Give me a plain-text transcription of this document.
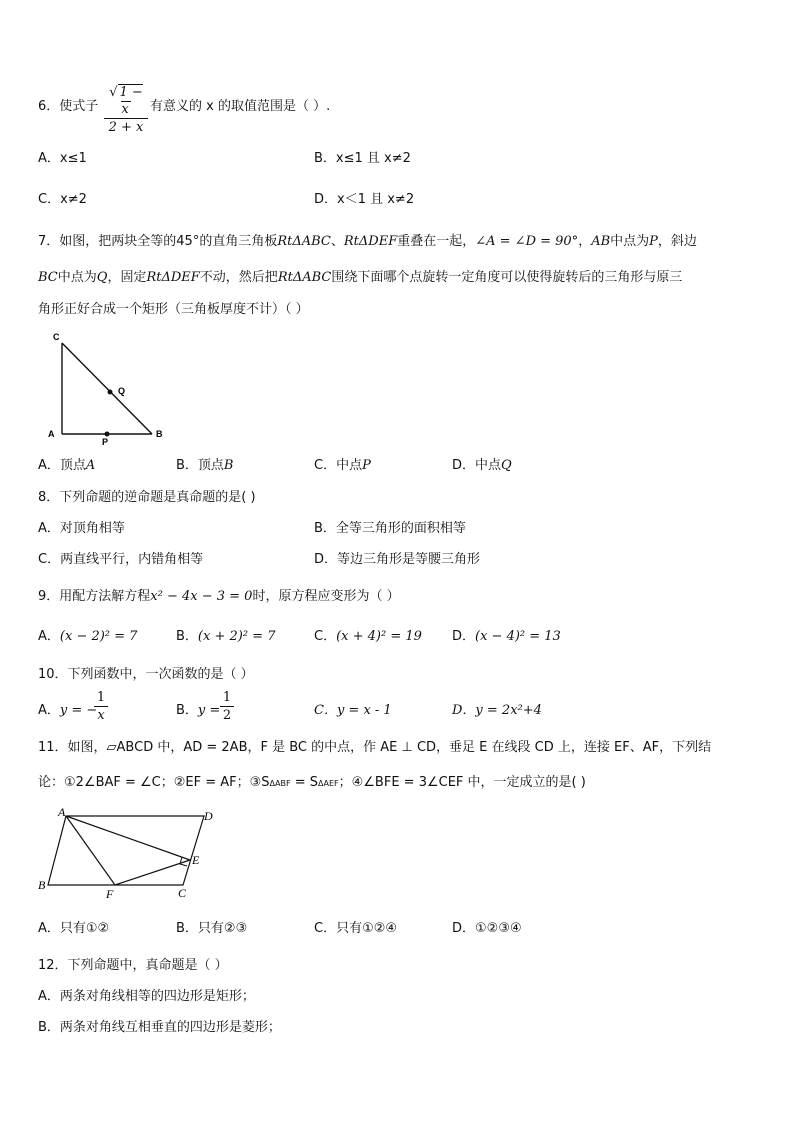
6．使式子
√ 1 − x
2 + x
有意义的 x 的取值范围是（ ）.
A．x≤1	B．x≤1 且 x≠2
C．x≠2	D．x＜1 且 x≠2
7．如图，把两块全等的45°的直角三角板RtΔABC、RtΔDEF重叠在一起，∠A = ∠D = 90°，AB中点为P，斜边
BC中点为Q，固定RtΔDEF不动，然后把RtΔABC围绕下面哪个点旋转一定角度可以使得旋转后的三角形与原三
角形正好合成一个矩形（三角板厚度不计）（ ）
C
Q
A
P
B
A．顶点A	B．顶点B	C．中点P	D．中点Q
8．下列命题的逆命题是真命题的是( )
A．对顶角相等	B．全等三角形的面积相等
C．两直线平行，内错角相等	D．等边三角形是等腰三角形
9．用配方法解方程x² − 4x − 3 = 0时，原方程应变形为（ ）
A．(x − 2)² = 7	B．(x + 2)² = 7	C．(x + 4)² = 19 D．(x − 4)² = 13
10．下列函数中，一次函数的是（ ）
A．y = −
1
x	B．y =
1
2	C．y = x - 1	D．y = 2x²+4
11．如图，▱ABCD 中，AD = 2AB，F 是 BC 的中点，作 AE ⊥ CD，垂足 E 在线段 CD 上，连接 EF、AF，下列结
论：①2∠BAF = ∠C；②EF = AF；③SΔABF = SΔAEF；④∠BFE = 3∠CEF 中，一定成立的是( )
A	D
E
B
F	C
A．只有①②	B．只有②③	C．只有①②④	D．①②③④
12．下列命题中，真命题是（ ）
A．两条对角线相等的四边形是矩形；
B．两条对角线互相垂直的四边形是菱形；
